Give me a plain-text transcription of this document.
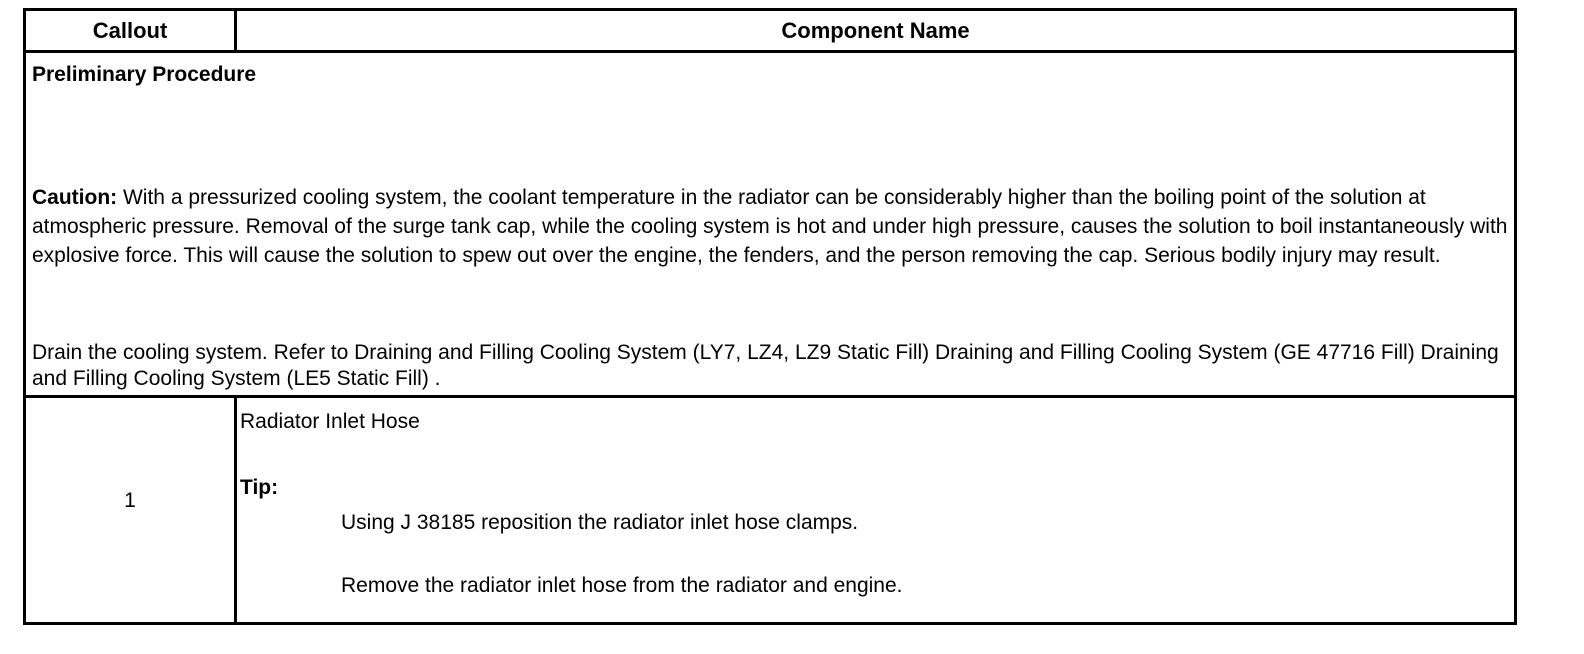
Callout	Component Name
Preliminary Procedure
Caution: With a pressurized cooling system, the coolant temperature in the radiator can be considerably higher than the boiling point of the solution at atmospheric pressure. Removal of the surge tank cap, while the cooling system is hot and under high pressure, causes the solution to boil instantaneously with explosive force. This will cause the solution to spew out over the engine, the fenders, and the person removing the cap. Serious bodily injury may result.
Drain the cooling system. Refer to Draining and Filling Cooling System (LY7, LZ4, LZ9 Static Fill) Draining and Filling Cooling System (GE 47716 Fill) Draining and Filling Cooling System (LE5 Static Fill) .
1
Radiator Inlet Hose
Tip:
Using J 38185 reposition the radiator inlet hose clamps.
Remove the radiator inlet hose from the radiator and engine.
